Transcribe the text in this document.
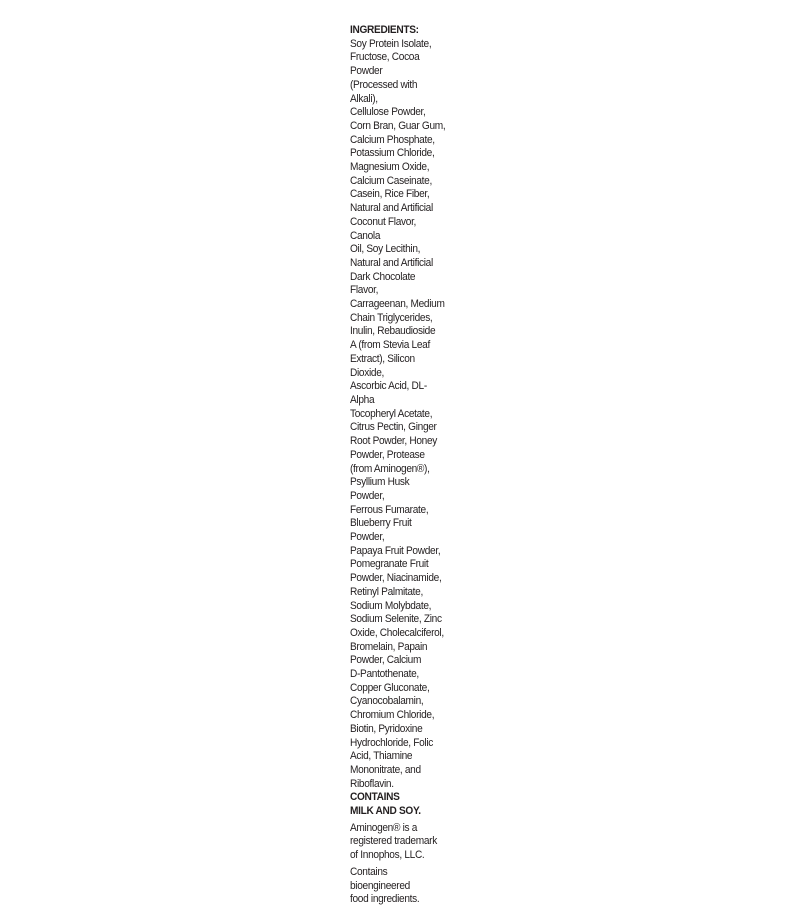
INGREDIENTS:
Soy Protein Isolate,
Fructose, Cocoa Powder
(Processed with Alkali),
Cellulose Powder,
Corn Bran, Guar Gum,
Calcium Phosphate,
Potassium Chloride,
Magnesium Oxide,
Calcium Caseinate,
Casein, Rice Fiber,
Natural and Artificial
Coconut Flavor, Canola
Oil, Soy Lecithin,
Natural and Artificial
Dark Chocolate Flavor,
Carrageenan, Medium
Chain Triglycerides,
Inulin, Rebaudioside
A (from Stevia Leaf
Extract), Silicon Dioxide,
Ascorbic Acid, DL-Alpha
Tocopheryl Acetate,
Citrus Pectin, Ginger
Root Powder, Honey
Powder, Protease
(from Aminogen®),
Psyllium Husk Powder,
Ferrous Fumarate,
Blueberry Fruit Powder,
Papaya Fruit Powder,
Pomegranate Fruit
Powder, Niacinamide,
Retinyl Palmitate,
Sodium Molybdate,
Sodium Selenite, Zinc
Oxide, Cholecalciferol,
Bromelain, Papain
Powder, Calcium
D-Pantothenate,
Copper Gluconate,
Cyanocobalamin,
Chromium Chloride,
Biotin, Pyridoxine
Hydrochloride, Folic
Acid, Thiamine
Mononitrate, and
Riboflavin. CONTAINS
MILK AND SOY.
Aminogen® is a
registered trademark
of Innophos, LLC.
Contains bioengineered
food ingredients.
